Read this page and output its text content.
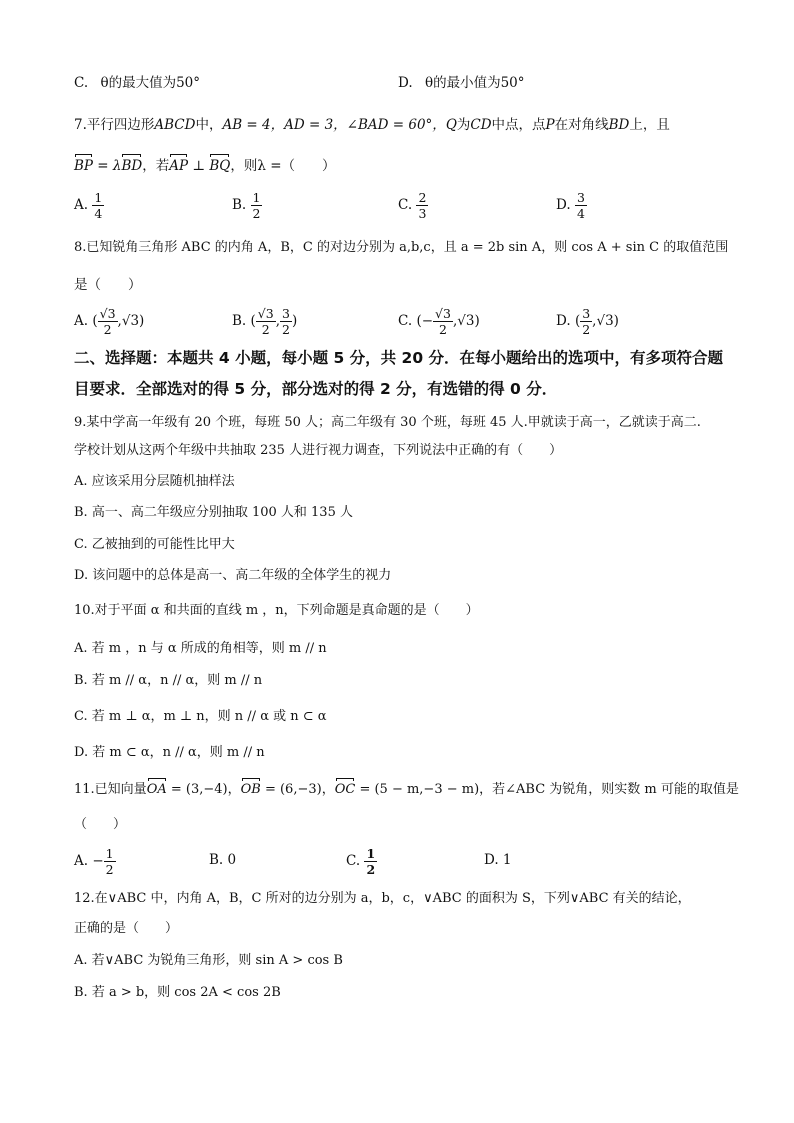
C. θ的最大值为50°	D. θ的最小值为50°
7.平行四边形ABCD中，AB = 4，AD = 3，∠BAD = 60°，Q为CD中点，点P在对角线BD上，且
BP = λBD，若AP ⊥ BQ，则λ =（　　）
A. $\frac{1}{4}$	B. $\frac{1}{2}$	C. $\frac{2}{3}$	D. $\frac{3}{4}$
8.已知锐角三角形 ABC 的内角 A，B，C 的对边分别为 a,b,c，且 a = 2b sin A，则 cos A + sin C 的取值范围
是（　　）
A. ( $\frac{√3}{2} ,√3$)	B. ( $\frac{√3}{2}$ , $\frac{3}{2}$ )	C. (− $\frac{√3}{2} ,√3$)	D. ( $\frac{3}{2} ,√3$)
二、选择题：本题共 4 小题，每小题 5 分，共 20 分．在每小题给出的选项中，有多项符合题
目要求．全部选对的得 5 分，部分选对的得 2 分，有选错的得 0 分．
9.某中学高一年级有 20 个班，每班 50 人；高二年级有 30 个班，每班 45 人.甲就读于高一，乙就读于高二.
学校计划从这两个年级中共抽取 235 人进行视力调查，下列说法中正确的有（　　）
A. 应该采用分层随机抽样法
B. 高一、高二年级应分别抽取 100 人和 135 人
C. 乙被抽到的可能性比甲大
D. 该问题中的总体是高一、高二年级的全体学生的视力
10.对于平面 α 和共面的直线 m ，n，下列命题是真命题的是（　　）
A. 若 m ，n 与 α 所成的角相等，则 m // n
B. 若 m // α，n // α，则 m // n
C. 若 m ⊥ α，m ⊥ n，则 n // α 或 n ⊂ α
D. 若 m ⊂ α，n // α，则 m // n
11.已知向量OA = (3,−4)，OB = (6,−3)，OC = (5 − m,−3 − m)，若∠ABC 为锐角，则实数 m 可能的取值是
（　　）
A. − $\frac{1}{2}$	B. 0	C. $\frac{1}{2}$	D. 1
12.在∨ABC 中，内角 A，B，C 所对的边分别为 a，b，c，∨ABC 的面积为 S，下列∨ABC 有关的结论，
正确的是（　　）
A. 若∨ABC 为锐角三角形，则 sin A > cos B
B. 若 a > b，则 cos 2A < cos 2B
